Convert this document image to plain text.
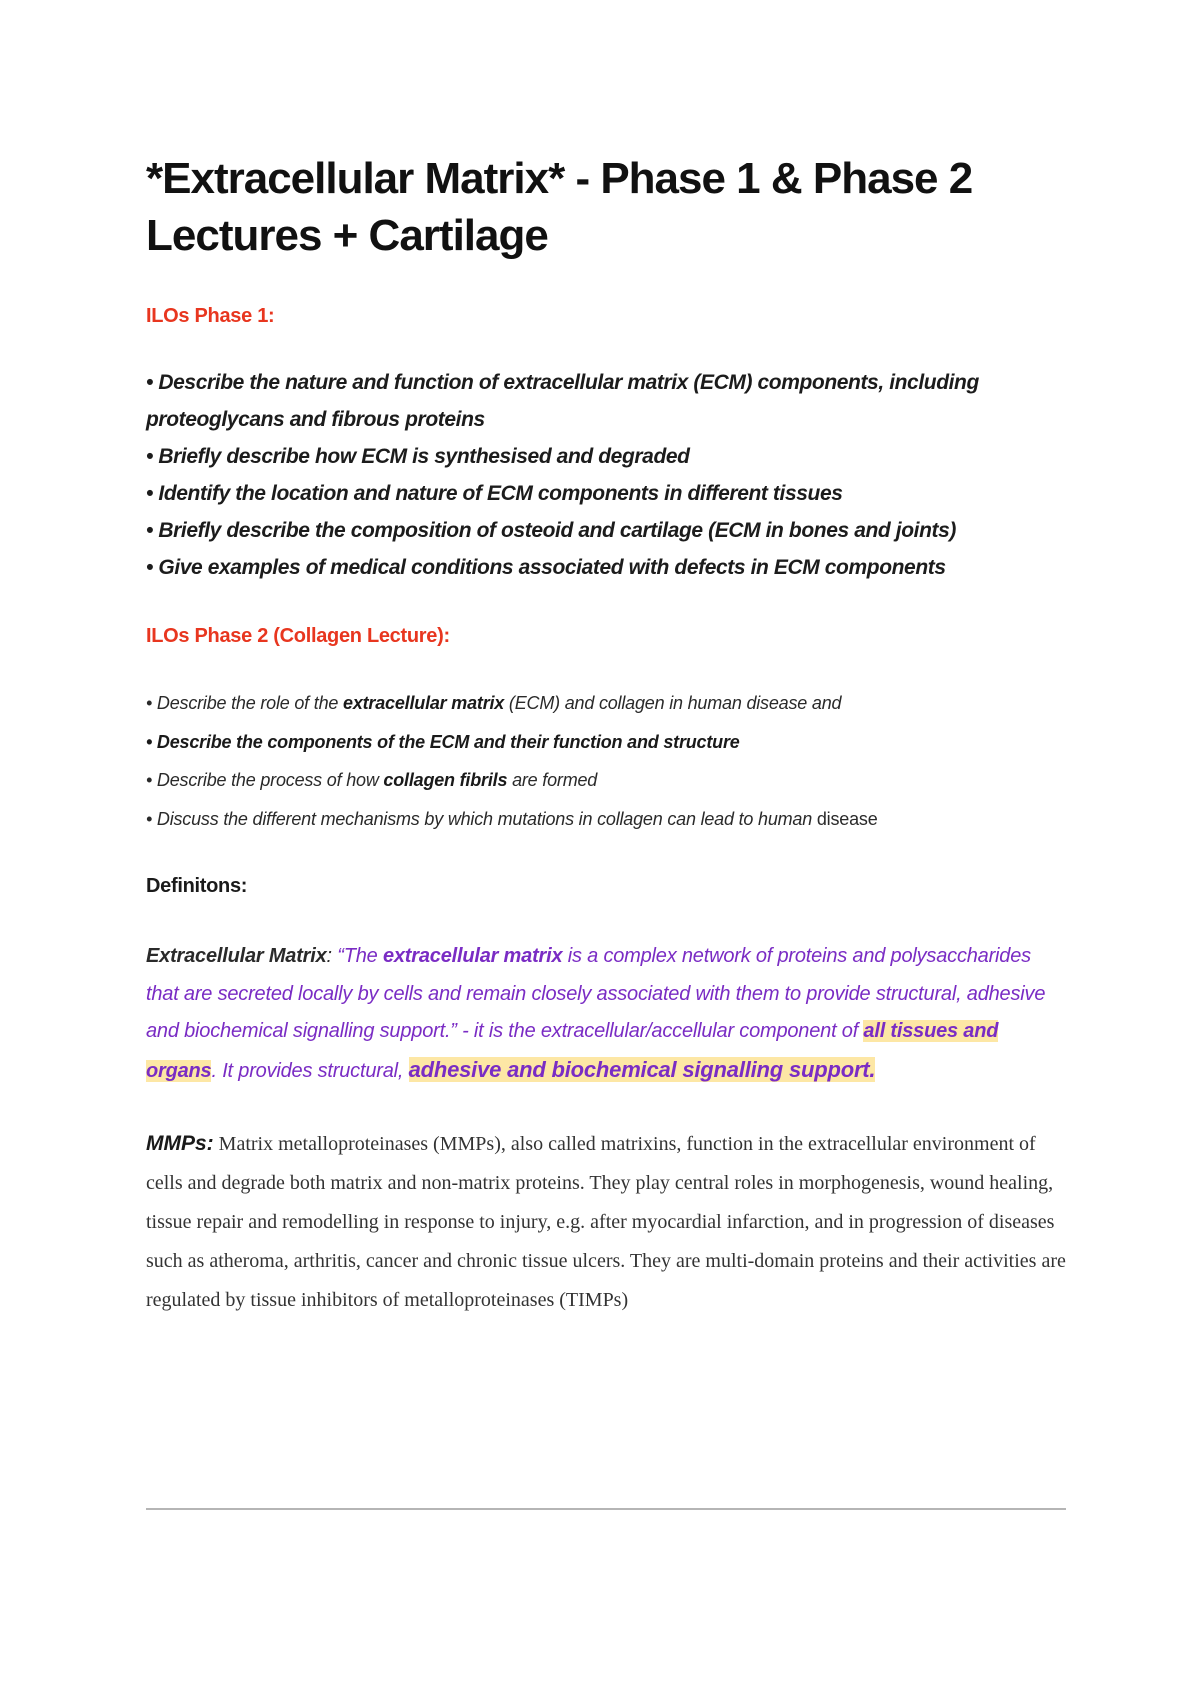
*Extracellular Matrix* - Phase 1 & Phase 2 Lectures + Cartilage
ILOs Phase 1:
• Describe the nature and function of extracellular matrix (ECM) components, including proteoglycans and fibrous proteins
• Briefly describe how ECM is synthesised and degraded
• Identify the location and nature of ECM components in different tissues
• Briefly describe the composition of osteoid and cartilage (ECM in bones and joints)
• Give examples of medical conditions associated with defects in ECM components
ILOs Phase 2 (Collagen Lecture):
• Describe the role of the extracellular matrix (ECM) and collagen in human disease and
• Describe the components of the ECM and their function and structure
• Describe the process of how collagen fibrils are formed
• Discuss the different mechanisms by which mutations in collagen can lead to human disease
Definitons:

Extracellular Matrix: “The extracellular matrix is a complex network of proteins and polysaccharides that are secreted locally by cells and remain closely associated with them to provide structural, adhesive and biochemical signalling support.” - it is the extracellular/accellular component of all tissues and organs. It provides structural, adhesive and biochemical signalling support.

MMPs: Matrix metalloproteinases (MMPs), also called matrixins, function in the extracellular environment of cells and degrade both matrix and non-matrix proteins. They play central roles in morphogenesis, wound healing, tissue repair and remodelling in response to injury, e.g. after myocardial infarction, and in progression of diseases such as atheroma, arthritis, cancer and chronic tissue ulcers. They are multi-domain proteins and their activities are regulated by tissue inhibitors of metalloproteinases (TIMPs)
